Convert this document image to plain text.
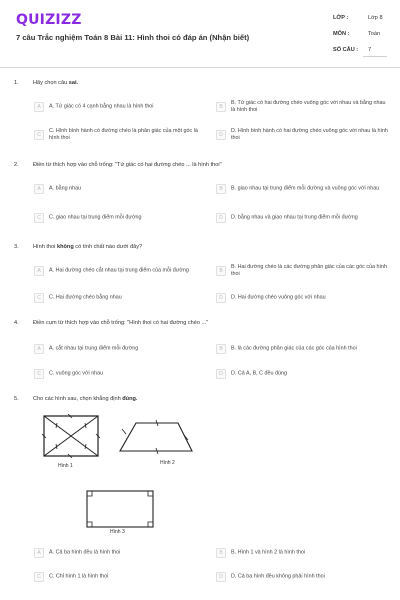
QUIZIZZ
7 câu Trắc nghiệm Toán 8 Bài 11: Hình thoi có đáp án (Nhận biết)
LỚP :	Lớp 8
MÔN :	Toán
SỐ CÂU : 7
1.	Hãy chọn câu sai.
A	A. Tứ giác có 4 cạnh bằng nhau là hình thoi	B
B. Tứ giác có hai đường chéo vuông góc với nhau và bằng nhau là hình thoi
C
C. Hình bình hành có đường chéo là phân giác của một góc là hình thoi	D
D. Hình bình hành có hai đường chéo vuông góc với nhau là hình thoi
2.	Điền từ thích hợp vào chỗ trống: "Tứ giác có hai đường chéo ... là hình thoi"
A	A. bằng nhau	B	B. giao nhau tại trung điểm mỗi đường và vuông góc với nhau
C	C. giao nhau tại trung điểm mỗi đường	D	D. bằng nhau và giao nhau tại trung điểm mỗi đường
3.	Hình thoi không có tính chất nào dưới đây?
A	A. Hai đường chéo cắt nhau tại trung điểm của mỗi đường	B
B. Hai đường chéo là các đường phân giác của các góc của hình thoi
C	C. Hai đường chéo bằng nhau	D	D. Hai đường chéo vuông góc với nhau
4.	Điền cụm từ thích hợp vào chỗ trống: "Hình thoi có hai đường chéo ..."
A	A. cắt nhau tại trung điểm mỗi đường	B	B. là các đường phân giác của các góc của hình thoi
C	C. vuông góc với nhau	D	D. Cả A, B, C đều đúng
5.	Cho các hình sau, chọn khẳng định đúng.
Hình 1	Hình 2
Hình 3
A	A. Cả ba hình đều là hình thoi	B	B. Hình 1 và hình 2 là hình thoi
C	C. Chỉ hình 1 là hình thoi	D	D. Cả ba hình đều không phải hình thoi
